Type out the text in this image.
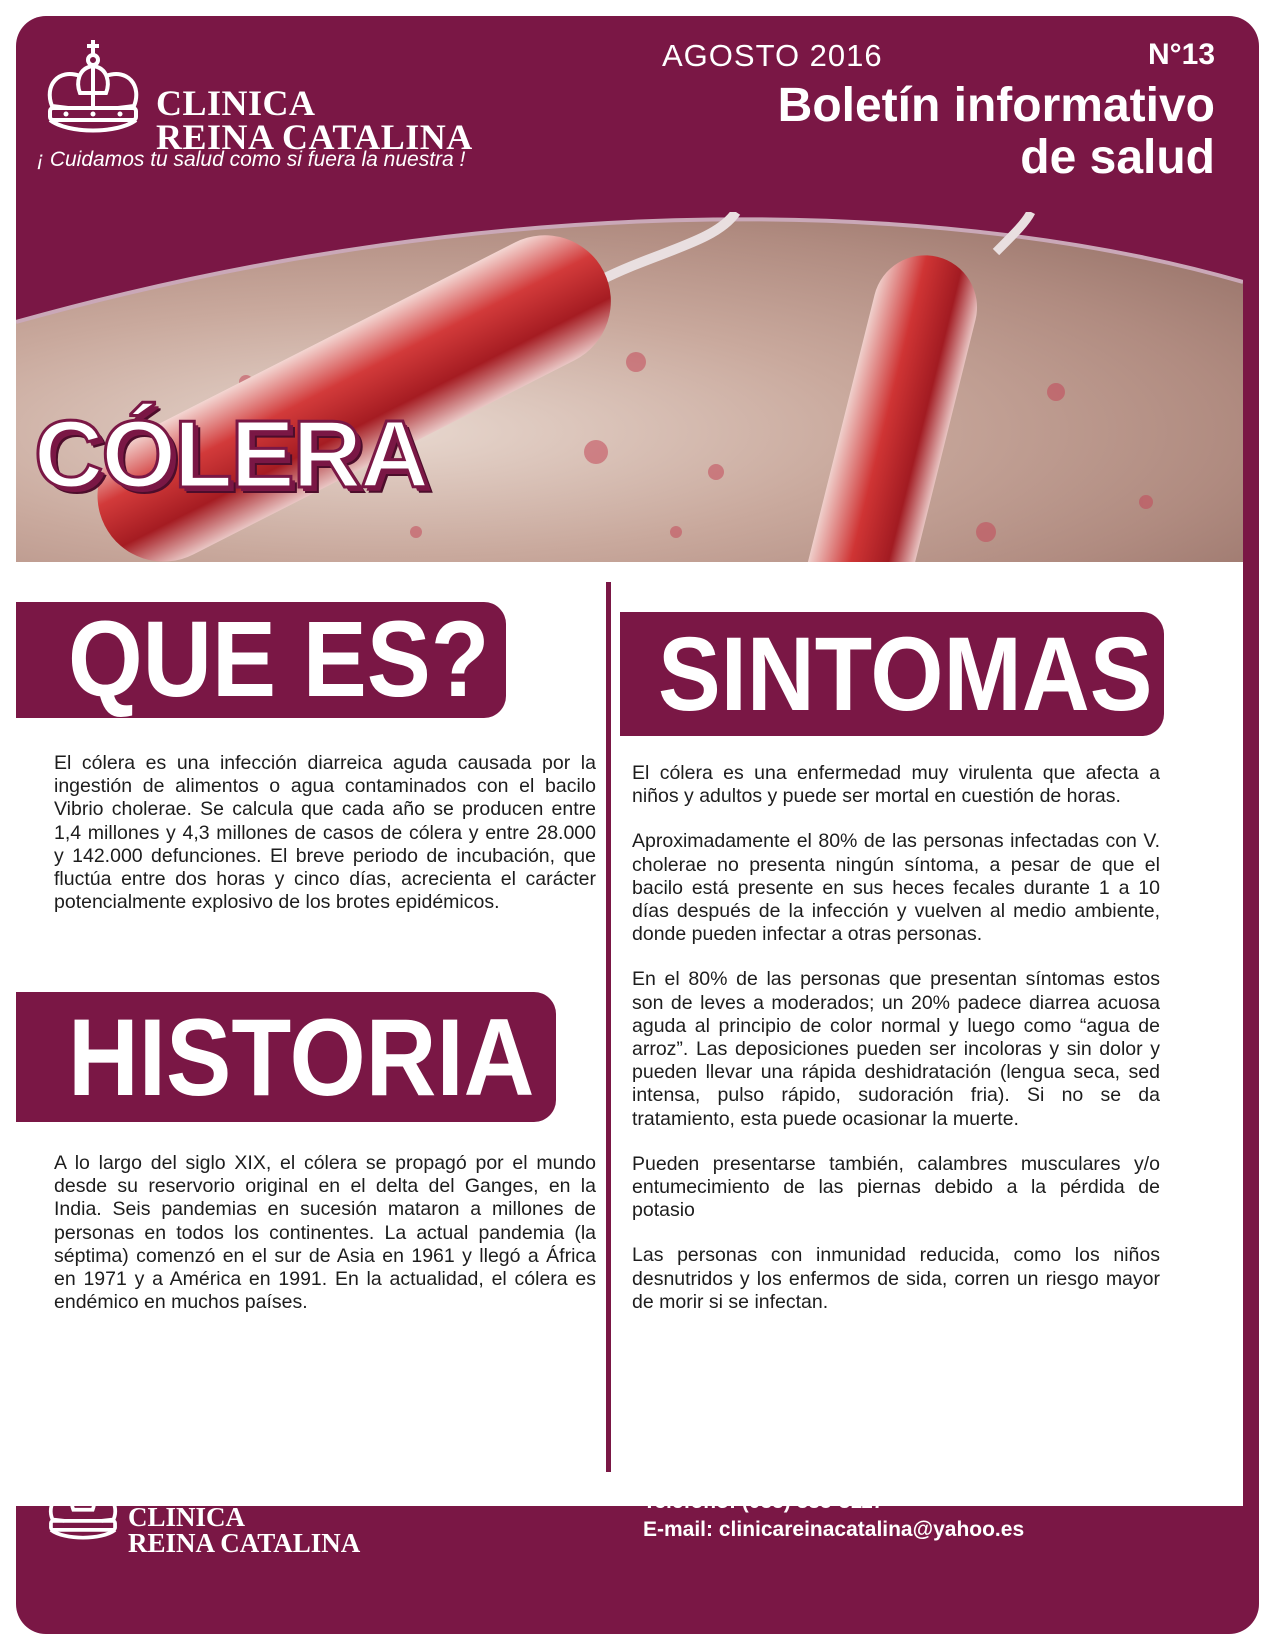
CLINICA
REINA CATALINA
¡ Cuidamos tu salud como si fuera la nuestra !
AGOSTO 2016	N°13
Boletín informativo
de salud
CÓLERA
QUE ES?
El cólera es una infección diarreica aguda causada por la ingestión de alimentos o agua contaminados con el bacilo Vibrio cholerae. Se calcula que cada año se producen entre 1,4 millones y 4,3 millones de casos de cólera y entre 28.000 y 142.000 defunciones. El breve periodo de incubación, que fluctúa entre dos horas y cinco días, acrecienta el carácter potencialmente explosivo de los brotes epidémicos.
HISTORIA
A lo largo del siglo XIX, el cólera se propagó por el mundo desde su reservorio original en el delta del Ganges, en la India. Seis pandemias en sucesión mataron a millones de personas en todos los continentes. La actual pandemia (la séptima) comenzó en el sur de Asia en 1961 y llegó a África en 1971 y a América en 1991. En la actualidad, el cólera es endémico en muchos países.
SINTOMAS

El cólera es una enfermedad muy virulenta que afecta a niños y adultos y puede ser mortal en cuestión de horas.

Aproximadamente el 80% de las personas infectadas con V. cholerae no presenta ningún síntoma, a pesar de que el bacilo está presente en sus heces fecales durante 1 a 10 días después de la infección y vuelven al medio ambiente, donde pueden infectar a otras personas.

En el 80% de las personas que presentan síntomas estos son de leves a moderados; un 20% padece diarrea acuosa aguda al principio de color normal y luego como “agua de arroz”. Las deposiciones pueden ser incoloras y sin dolor y pueden llevar una rápida deshidratación (lengua seca, sed intensa, pulso rápido, sudoración fria). Si no se da tratamiento, esta puede ocasionar la muerte.

Pueden presentarse también, calambres musculares y/o entumecimiento de las piernas debido a la pérdida de potasio

Las personas con inmunidad reducida, como los niños desnutridos y los enfermos de sida, corren un riesgo mayor de morir si se infectan.

CLINICA
REINA CATALINA
Dirección: Calle 82 # 47 - 12
Teléfono: (035) 385-8117
E-mail: clinicareinacatalina@yahoo.es
